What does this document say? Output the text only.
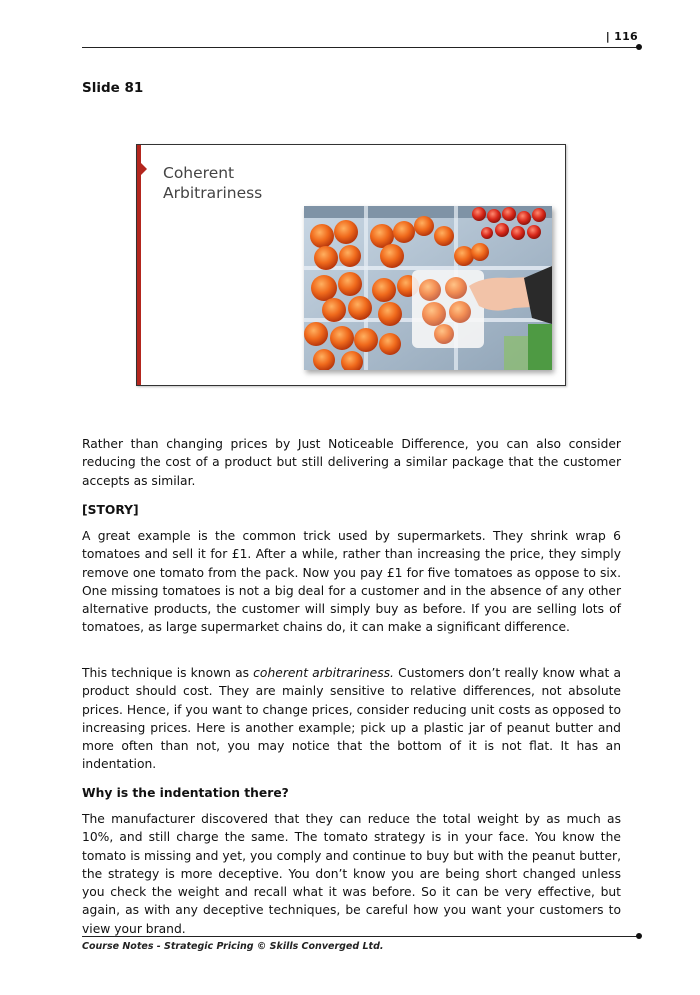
| 116
Slide 81
Coherent
Arbitrariness
Rather than changing prices by Just Noticeable Difference, you can also consider reducing the cost of a product but still delivering a similar package that the customer accepts as similar.
[STORY]
A great example is the common trick used by supermarkets. They shrink wrap 6 tomatoes and sell it for £1. After a while, rather than increasing the price, they simply remove one tomato from the pack. Now you pay £1 for five tomatoes as oppose to six. One missing tomatoes is not a big deal for a customer and in the absence of any other alternative products, the customer will simply buy as before. If you are selling lots of tomatoes, as large supermarket chains do, it can make a significant difference.
This technique is known as coherent arbitrariness. Customers don’t really know what a product should cost. They are mainly sensitive to relative differences, not absolute prices. Hence, if you want to change prices, consider reducing unit costs as opposed to increasing prices. Here is another example; pick up a plastic jar of peanut butter and more often than not, you may notice that the bottom of it is not flat. It has an indentation.
Why is the indentation there?
The manufacturer discovered that they can reduce the total weight by as much as 10%, and still charge the same. The tomato strategy is in your face. You know the tomato is missing and yet, you comply and continue to buy but with the peanut butter, the strategy is more deceptive. You don’t know you are being short changed unless you check the weight and recall what it was before. So it can be very effective, but again, as with any deceptive techniques, be careful how you want your customers to view your brand.
Course Notes - Strategic Pricing © Skills Converged Ltd.
